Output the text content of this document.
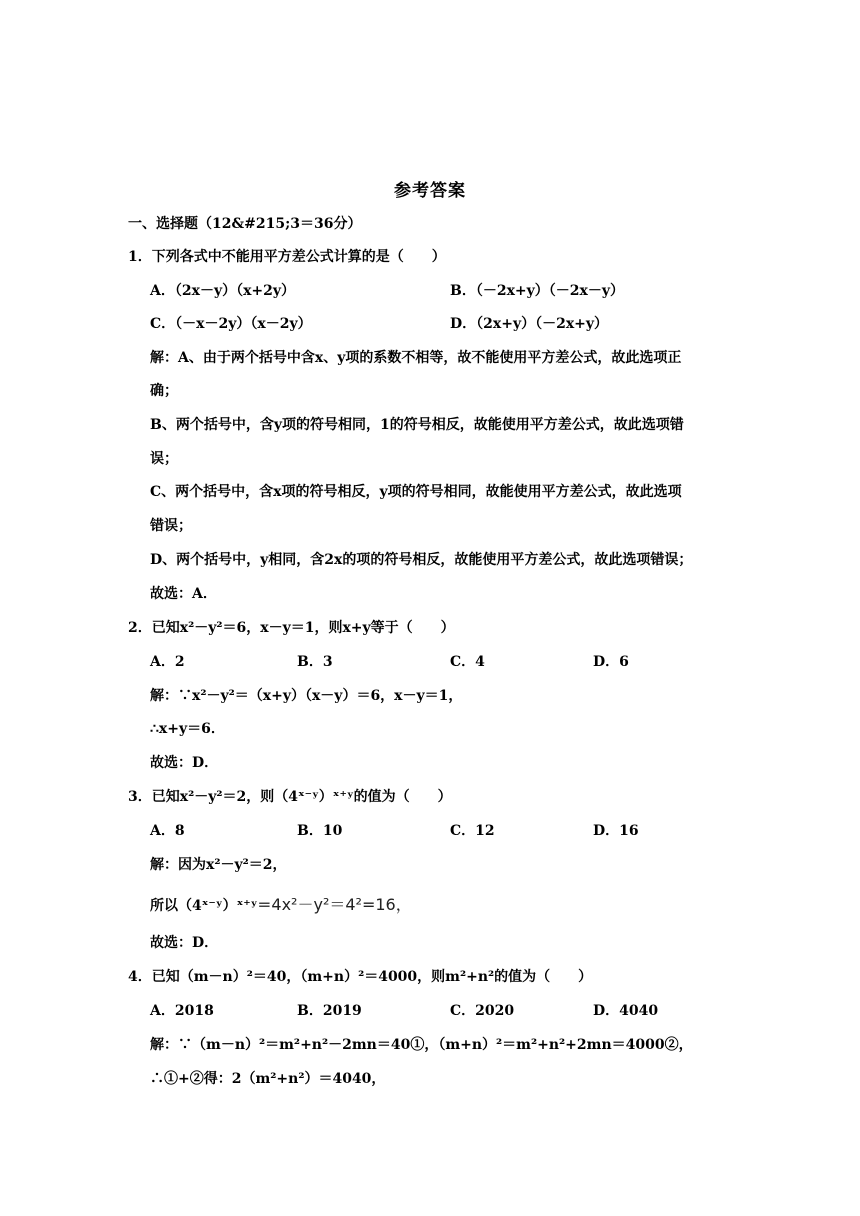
参考答案
一、选择题（12&#215;3＝36分）
1．下列各式中不能用平方差公式计算的是（　　）
A．（2x－y）（x+2y）	B．（－2x+y）（－2x－y）
C．（－x－2y）（x－2y）	D．（2x+y）（－2x+y）
解：A、由于两个括号中含x、y项的系数不相等，故不能使用平方差公式，故此选项正
确；
B、两个括号中，含y项的符号相同，1的符号相反，故能使用平方差公式，故此选项错
误；
C、两个括号中，含x项的符号相反，y项的符号相同，故能使用平方差公式，故此选项
错误；
D、两个括号中，y相同，含2x的项的符号相反，故能使用平方差公式，故此选项错误；
故选：A．
2．已知x²－y²＝6，x－y＝1，则x+y等于（　　）
A．2	B．3	C．4	D．6
解：∵x²－y²＝（x+y）（x－y）＝6，x－y＝1，
∴x+y＝6．
故选：D．
3．已知x²－y²＝2，则（4ˣ⁻ʸ）ˣ⁺ʸ的值为（　　）
A．8	B．10	C．12	D．16
解：因为x²－y²＝2，
所以（4ˣ⁻ʸ）ˣ⁺ʸ＝4x²－y²＝4²=16，
故选：D．
4．已知（m－n）²＝40，（m+n）²＝4000，则m²+n²的值为（　　）
A．2018	B．2019	C．2020	D．4040
解：∵（m－n）²＝m²+n²－2mn＝40①，（m+n）²＝m²+n²+2mn＝4000②，
∴①+②得：2（m²+n²）＝4040，
